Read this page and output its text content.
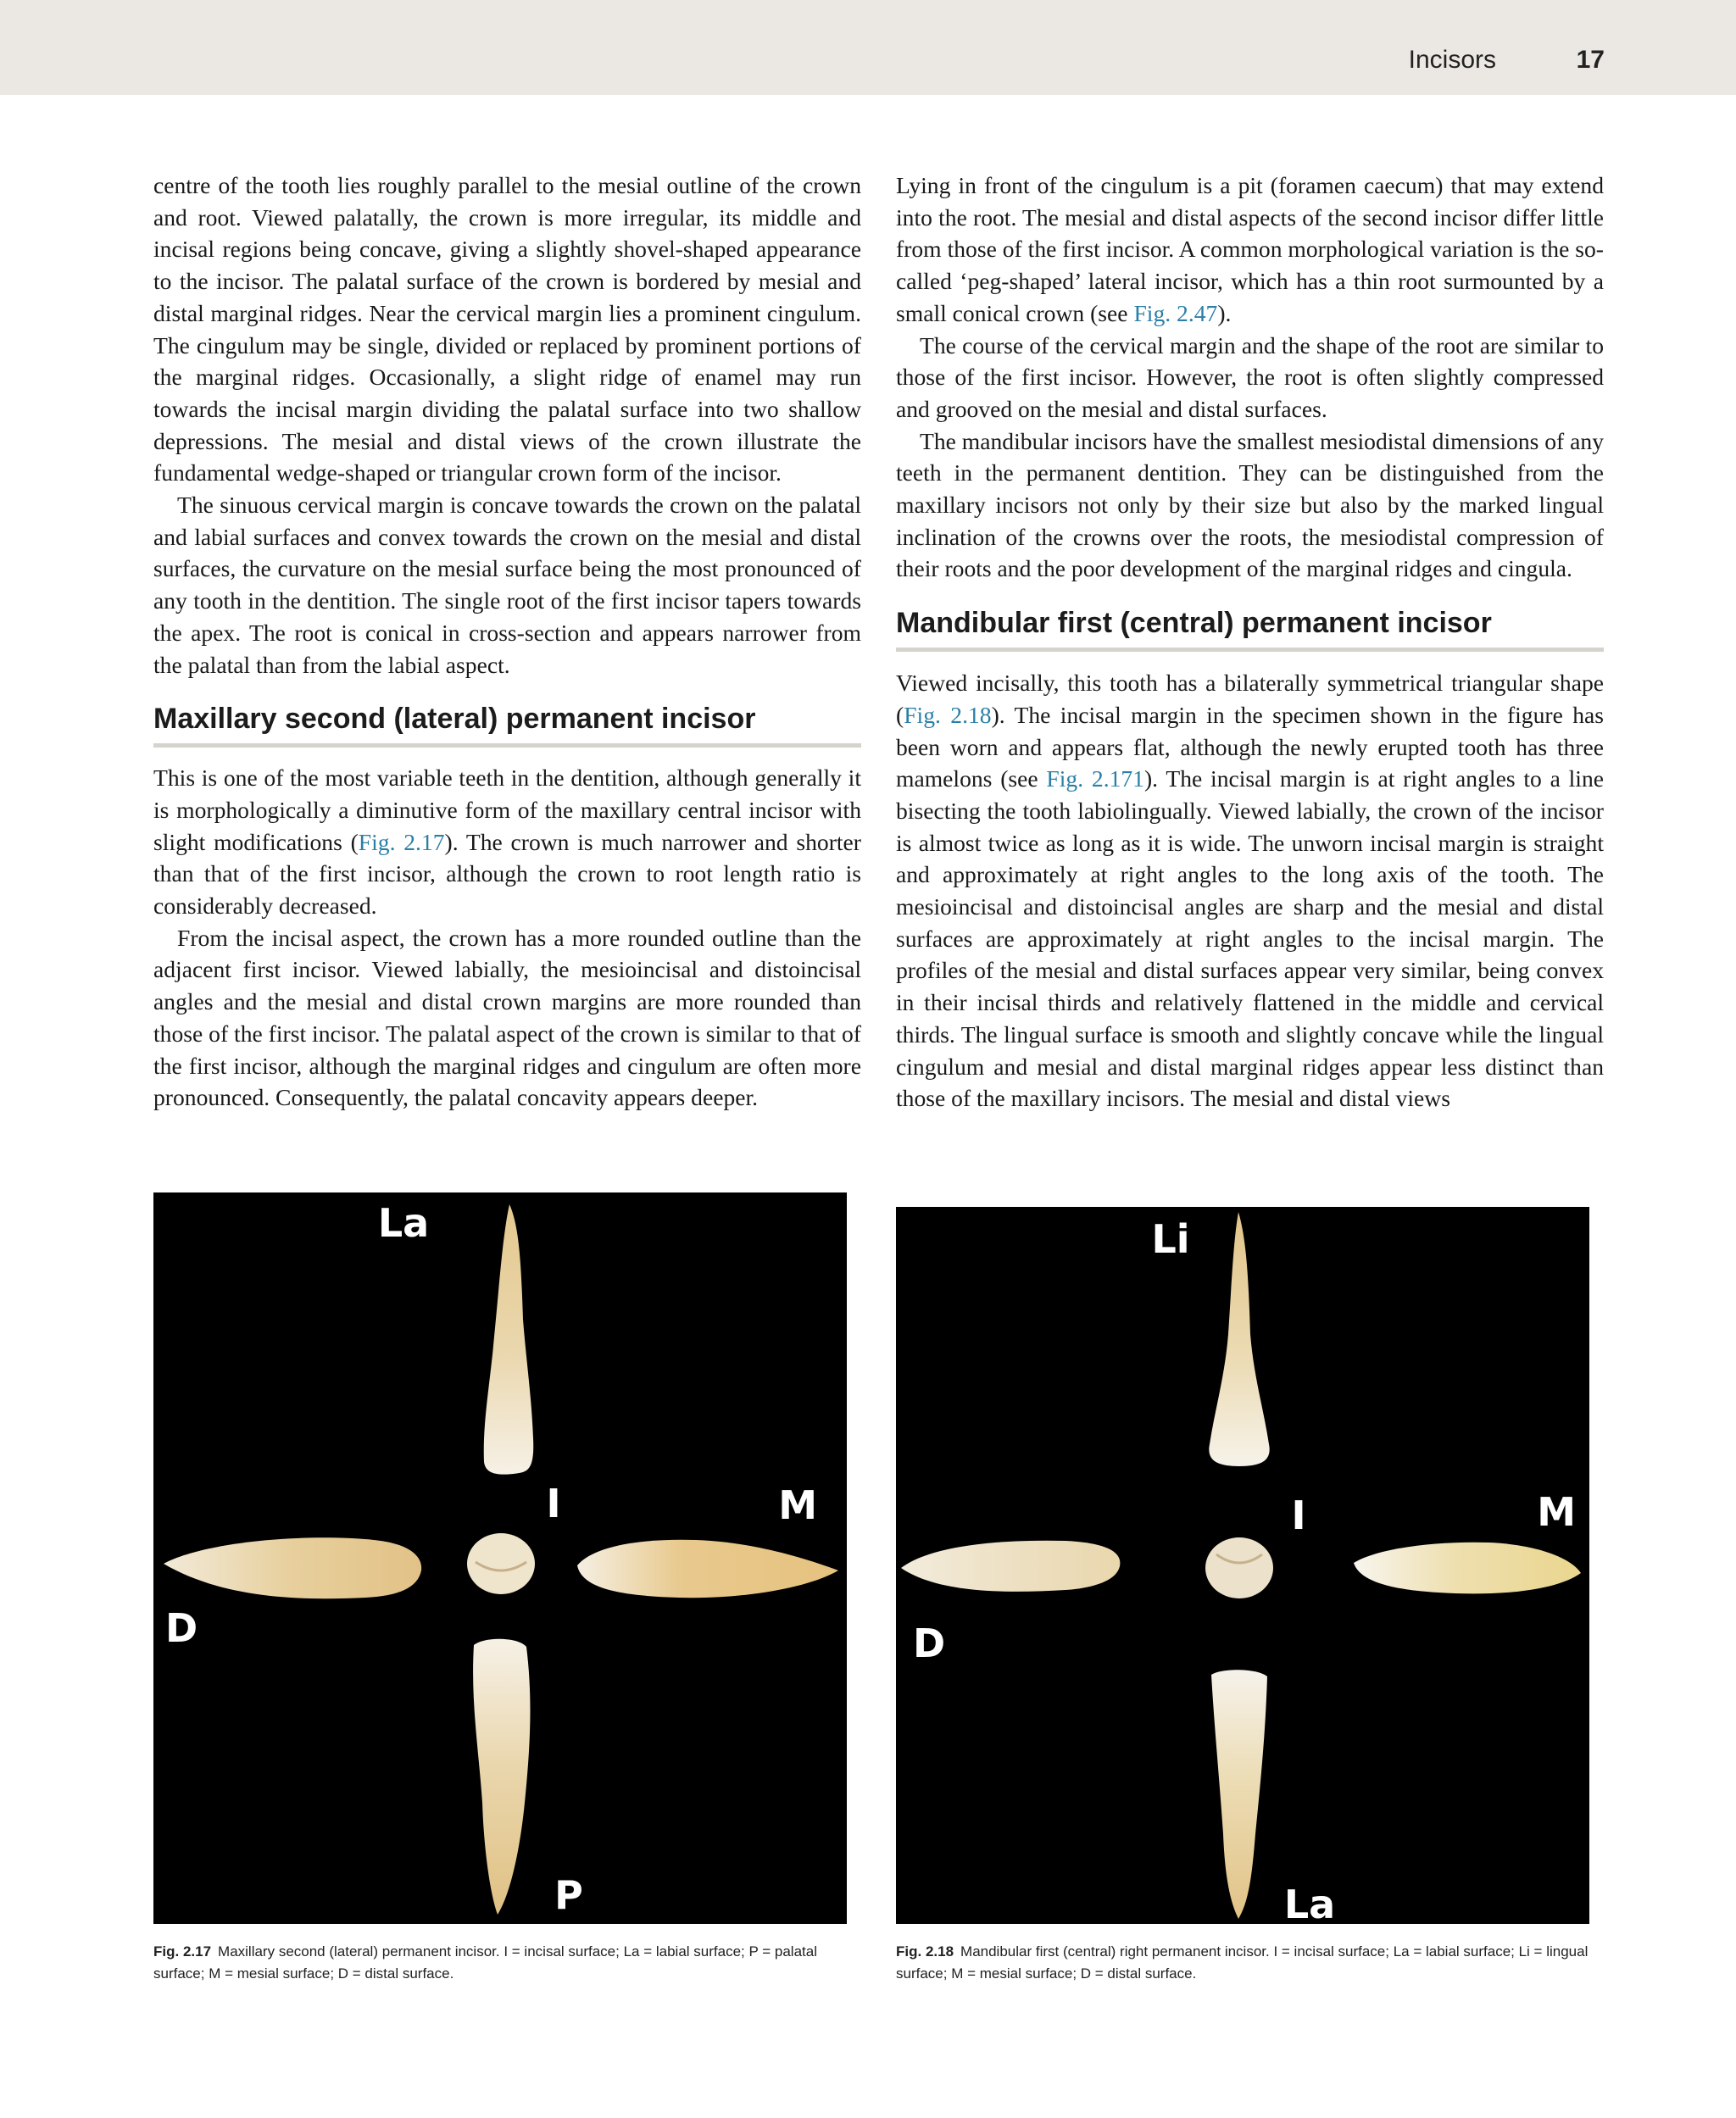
Incisors	17

centre of the tooth lies roughly parallel to the mesial outline of the crown and root. Viewed palatally, the crown is more irregular, its middle and incisal regions being concave, giving a slightly shovel-shaped appearance to the incisor. The palatal surface of the crown is bordered by mesial and distal marginal ridges. Near the cervical margin lies a prominent cingulum. The cingulum may be single, divided or replaced by prominent portions of the marginal ridges. Occasionally, a slight ridge of enamel may run towards the incisal margin dividing the palatal surface into two shallow depressions. The mesial and distal views of the crown illustrate the fundamental wedge-shaped or triangular crown form of the incisor.

The sinuous cervical margin is concave towards the crown on the palatal and labial surfaces and convex towards the crown on the mesial and distal surfaces, the curvature on the mesial surface being the most pronounced of any tooth in the dentition. The single root of the first incisor tapers towards the apex. The root is conical in cross-section and appears narrower from the palatal than from the labial aspect.

Maxillary second (lateral) permanent incisor

This is one of the most variable teeth in the dentition, although generally it is morphologically a diminutive form of the maxillary central incisor with slight modifications (Fig. 2.17). The crown is much narrower and shorter than that of the first incisor, although the crown to root length ratio is considerably decreased.

From the incisal aspect, the crown has a more rounded outline than the adjacent first incisor. Viewed labially, the mesioincisal and distoincisal angles and the mesial and distal crown margins are more rounded than those of the first incisor. The palatal aspect of the crown is similar to that of the first incisor, although the marginal ridges and cingulum are often more pronounced. Consequently, the palatal concavity appears deeper.

Lying in front of the cingulum is a pit (foramen caecum) that may extend into the root. The mesial and distal aspects of the second incisor differ little from those of the first incisor. A common morphological variation is the so-called ‘peg-shaped’ lateral incisor, which has a thin root surmounted by a small conical crown (see Fig. 2.47).

The course of the cervical margin and the shape of the root are similar to those of the first incisor. However, the root is often slightly compressed and grooved on the mesial and distal surfaces.

The mandibular incisors have the smallest mesiodistal dimensions of any teeth in the permanent dentition. They can be distinguished from the maxillary incisors not only by their size but also by the marked lingual inclination of the crowns over the roots, the mesiodistal compression of their roots and the poor development of the marginal ridges and cingula.

Mandibular first (central) permanent incisor

Viewed incisally, this tooth has a bilaterally symmetrical triangular shape (Fig. 2.18). The incisal margin in the specimen shown in the figure has been worn and appears flat, although the newly erupted tooth has three mamelons (see Fig. 2.171). The incisal margin is at right angles to a line bisecting the tooth labiolingually. Viewed labially, the crown of the incisor is almost twice as long as it is wide. The unworn incisal margin is straight and approximately at right angles to the long axis of the tooth. The mesioincisal and distoincisal angles are sharp and the mesial and distal surfaces are approximately at right angles to the incisal margin. The profiles of the mesial and distal surfaces appear very similar, being convex in their incisal thirds and relatively flattened in the middle and cervical thirds. The lingual surface is smooth and slightly concave while the lingual cingulum and mesial and distal marginal ridges appear less distinct than those of the maxillary incisors. The mesial and distal views

La
I	M
D
P
Fig. 2.17 Maxillary second (lateral) permanent incisor. I = incisal surface; La = labial surface; P = palatal surface; M = mesial surface; D = distal surface.
Li
I	M
D
La
Fig. 2.18 Mandibular first (central) right permanent incisor. I = incisal surface; La = labial surface; Li = lingual surface; M = mesial surface; D = distal surface.
